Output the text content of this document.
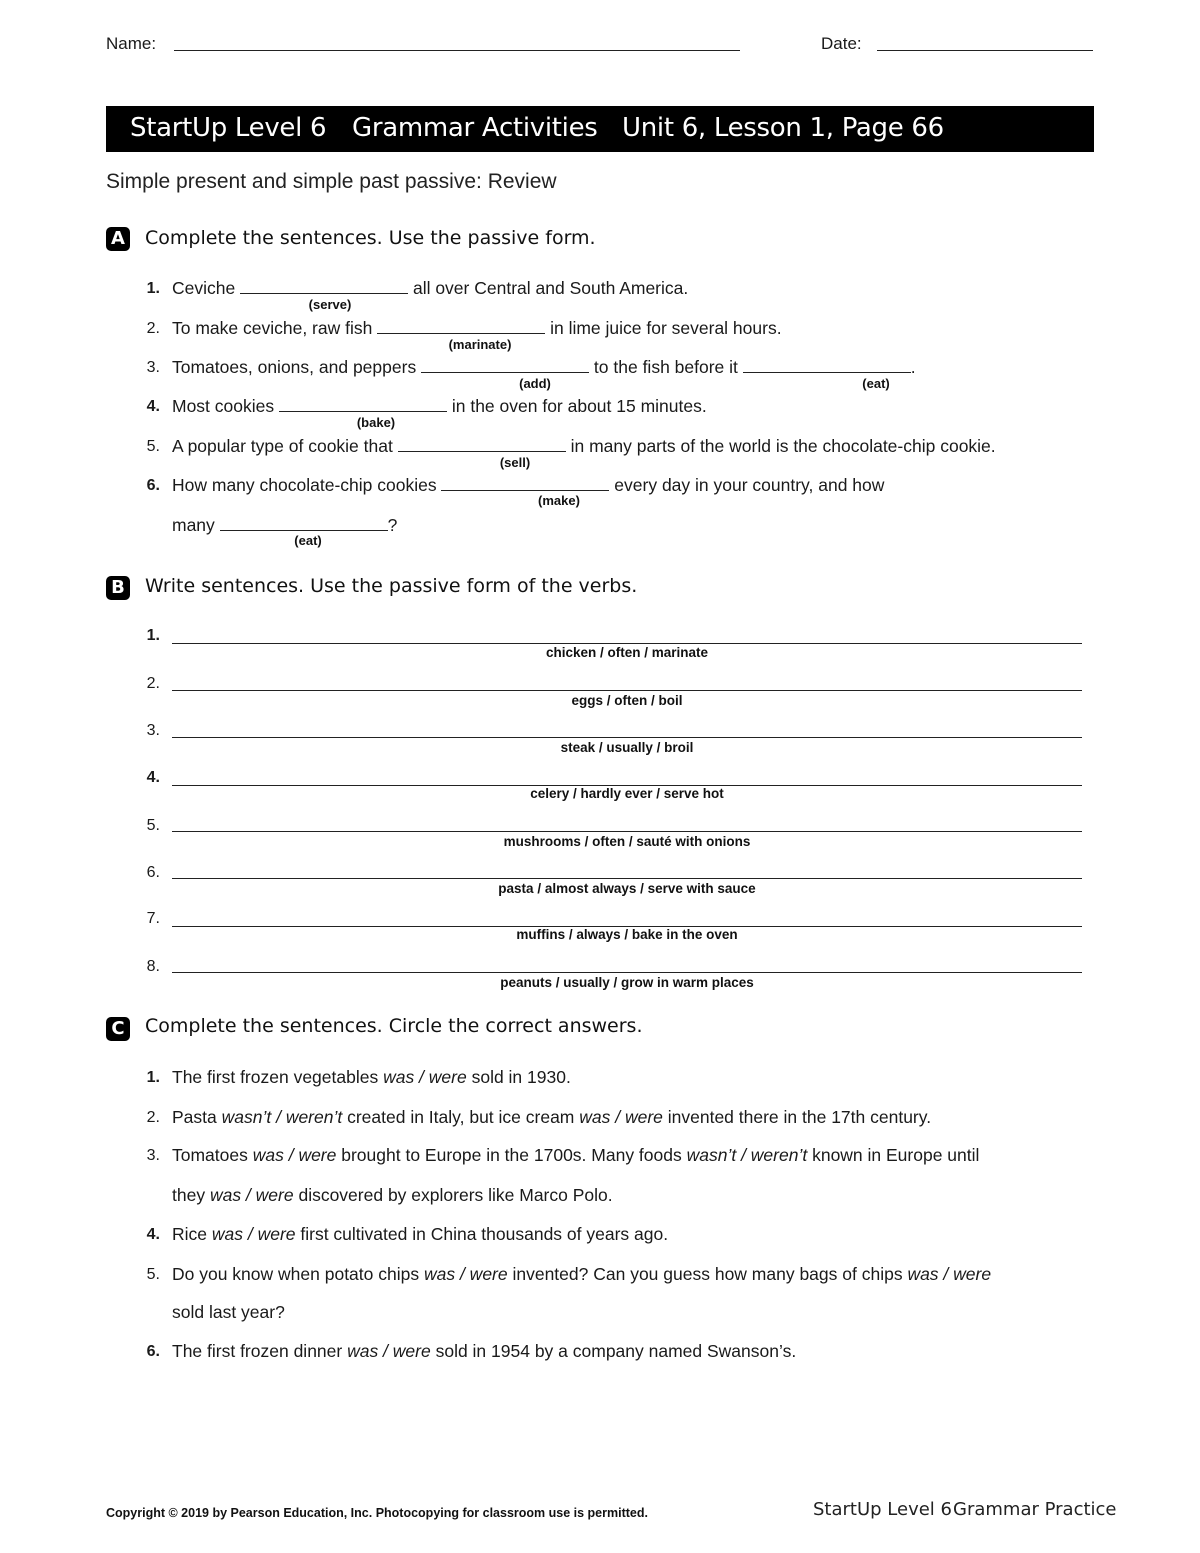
Name:	Date:
StartUp Level 6 Grammar Activities Unit 6, Lesson 1, Page 66
Simple present and simple past passive: Review
A Complete the sentences. Use the passive form.
1. Ceviche	all over Central and South America.
(serve)
2. To make ceviche, raw fish	in lime juice for several hours.
(marinate)
3. Tomatoes, onions, and peppers	to the fish before it	.
(add)	(eat)
4. Most cookies	in the oven for about 15 minutes.
(bake)
5. A popular type of cookie that	in many parts of the world is the chocolate-chip cookie.
(sell)
6. How many chocolate-chip cookies	every day in your country, and how
(make)
many	?
(eat)
B Write sentences. Use the passive form of the verbs.
1.
chicken / often / marinate
2.
eggs / often / boil
3.
steak / usually / broil
4.
celery / hardly ever / serve hot
5.
mushrooms / often / sauté with onions
6.
pasta / almost always / serve with sauce
7.
muffins / always / bake in the oven
8.
peanuts / usually / grow in warm places
C Complete the sentences. Circle the correct answers.
1. The first frozen vegetables was / were sold in 1930.
2. Pasta wasn’t / weren’t created in Italy, but ice cream was / were invented there in the 17th century.
3. Tomatoes was / were brought to Europe in the 1700s. Many foods wasn’t / weren’t known in Europe until
they was / were discovered by explorers like Marco Polo.
4. Rice was / were first cultivated in China thousands of years ago.
5. Do you know when potato chips was / were invented? Can you guess how many bags of chips was / were
sold last year?
6. The first frozen dinner was / were sold in 1954 by a company named Swanson’s.
Copyright © 2019 by Pearson Education, Inc. Photocopying for classroom use is permitted.	StartUp Level 6 Grammar Practice
